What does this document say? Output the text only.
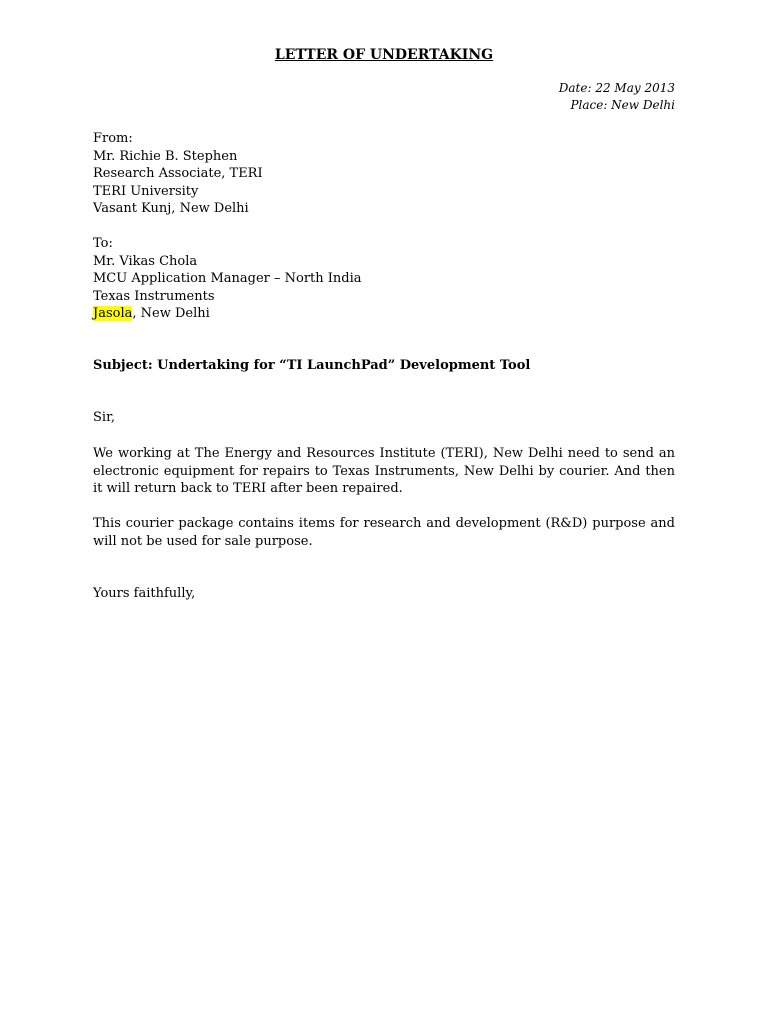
LETTER OF UNDERTAKING
Date: 22 May 2013
Place: New Delhi
From:
Mr. Richie B. Stephen
Research Associate, TERI
TERI University
Vasant Kunj, New Delhi
To:
Mr. Vikas Chola
MCU Application Manager – North India
Texas Instruments
Jasola, New Delhi
Subject: Undertaking for “TI LaunchPad” Development Tool
Sir,
We working at The Energy and Resources Institute (TERI), New Delhi need to send an electronic equipment for repairs to Texas Instruments, New Delhi by courier. And then it will return back to TERI after been repaired.
This courier package contains items for research and development (R&D) purpose and will not be used for sale purpose.
Yours faithfully,
